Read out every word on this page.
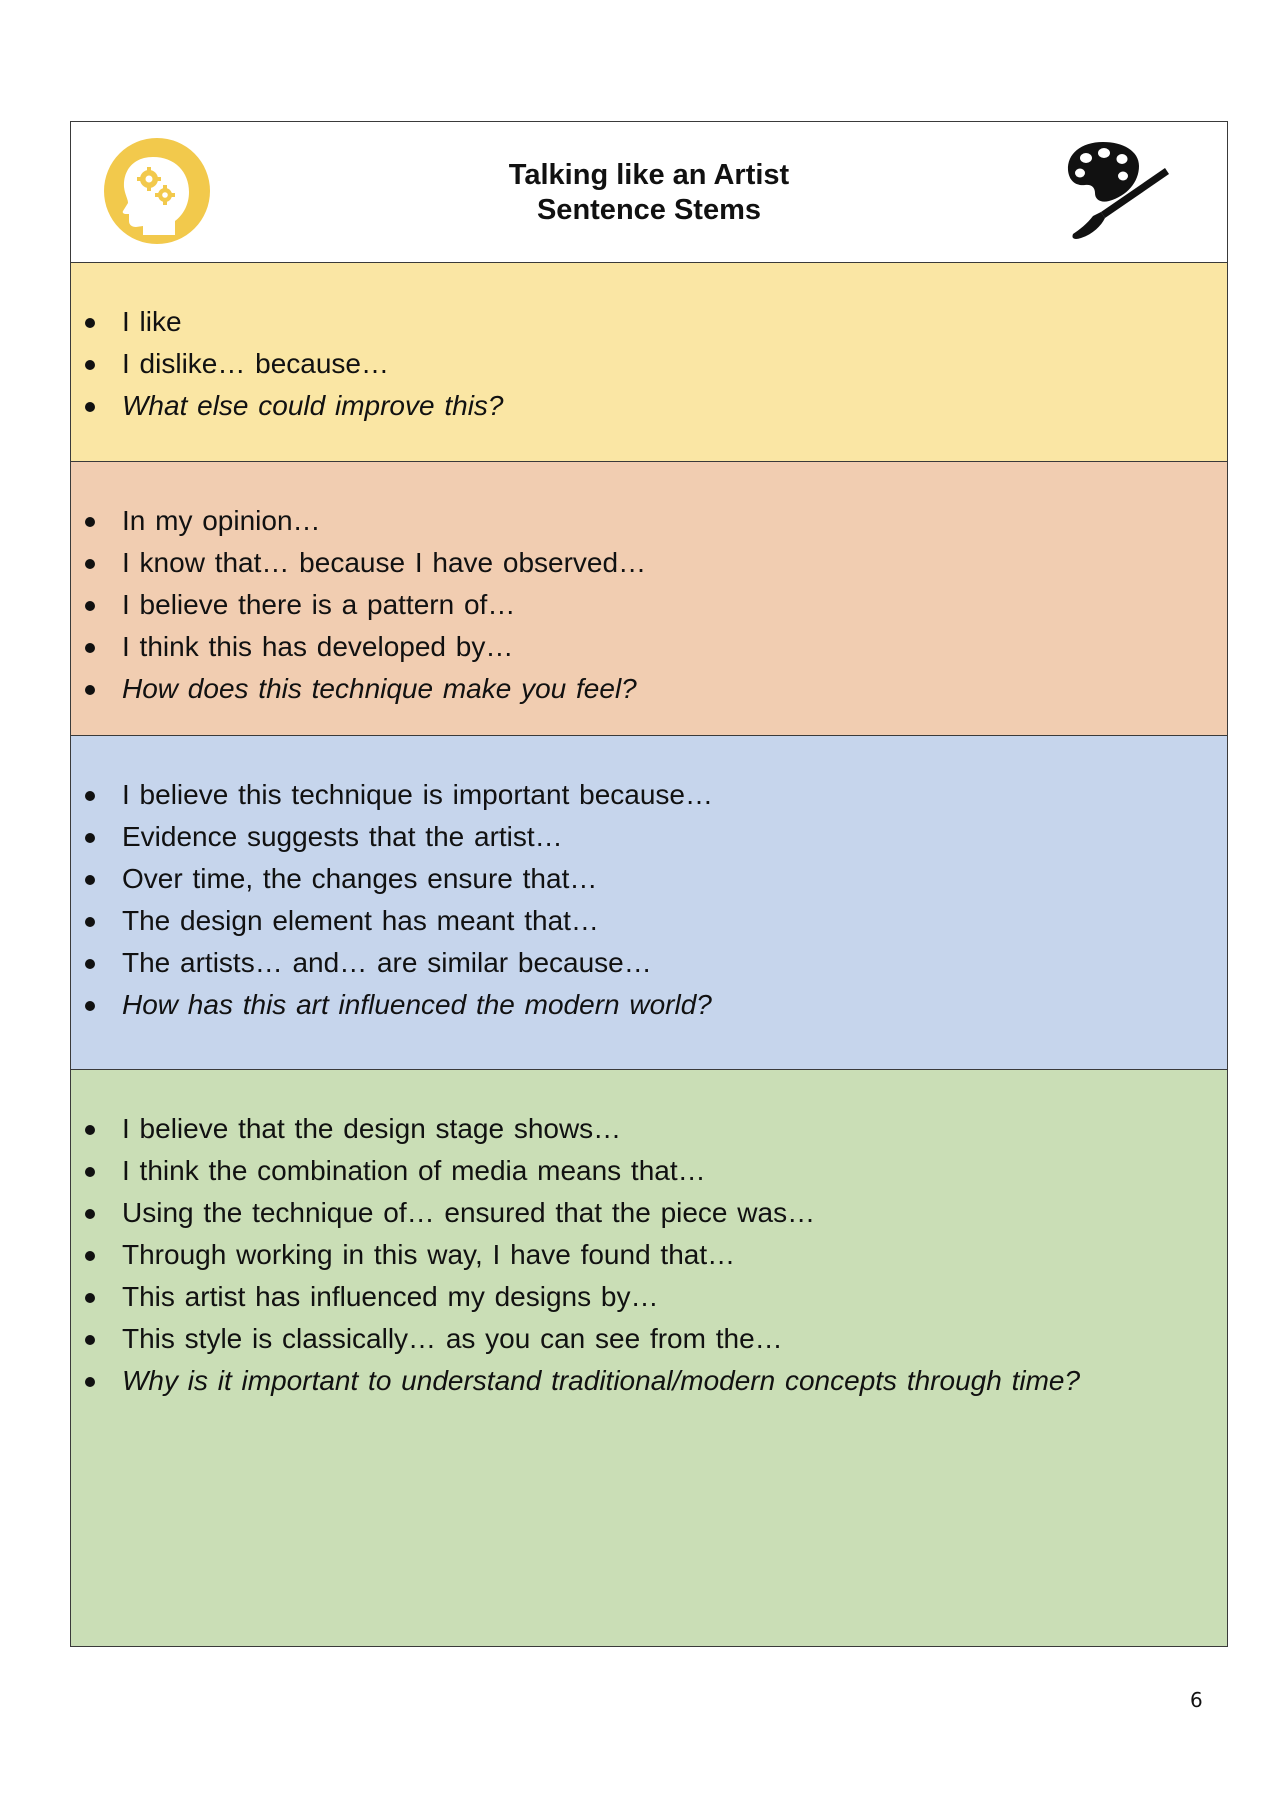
Talking like an Artist
Sentence Stems
I like
I dislike… because…
What else could improve this?
In my opinion…
I know that… because I have observed…
I believe there is a pattern of…
I think this has developed by…
How does this technique make you feel?
I believe this technique is important because…
Evidence suggests that the artist…
Over time, the changes ensure that…
The design element has meant that…
The artists… and… are similar because…
How has this art influenced the modern world?
I believe that the design stage shows…
I think the combination of media means that…
Using the technique of… ensured that the piece was…
Through working in this way, I have found that…
This artist has influenced my designs by…
This style is classically… as you can see from the…
Why is it important to understand traditional/modern concepts through time?
6
